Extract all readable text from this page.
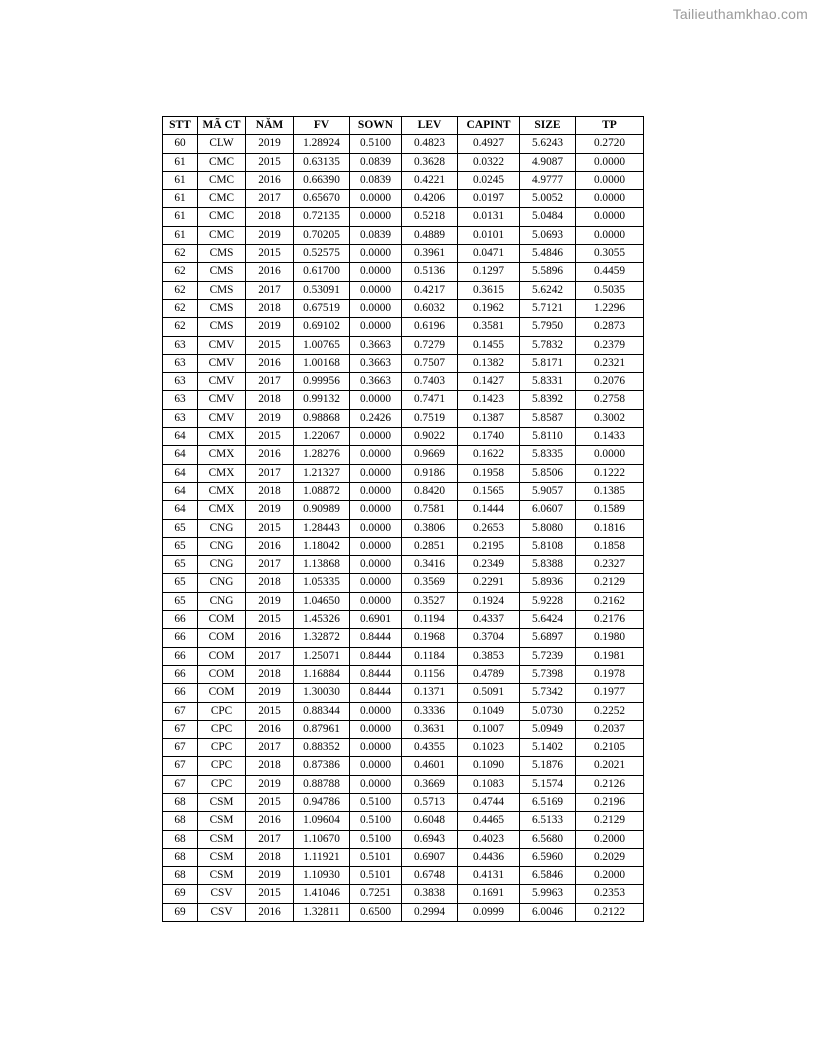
Tailieuthamkhao.com
STT	MÃ CT	NĂM	FV	SOWN	LEV	CAPINT	SIZE	TP
60	CLW	2019	1.28924	0.5100	0.4823	0.4927	5.6243	0.2720
61	CMC	2015	0.63135	0.0839	0.3628	0.0322	4.9087	0.0000
61	CMC	2016	0.66390	0.0839	0.4221	0.0245	4.9777	0.0000
61	CMC	2017	0.65670	0.0000	0.4206	0.0197	5.0052	0.0000
61	CMC	2018	0.72135	0.0000	0.5218	0.0131	5.0484	0.0000
61	CMC	2019	0.70205	0.0839	0.4889	0.0101	5.0693	0.0000
62	CMS	2015	0.52575	0.0000	0.3961	0.0471	5.4846	0.3055
62	CMS	2016	0.61700	0.0000	0.5136	0.1297	5.5896	0.4459
62	CMS	2017	0.53091	0.0000	0.4217	0.3615	5.6242	0.5035
62	CMS	2018	0.67519	0.0000	0.6032	0.1962	5.7121	1.2296
62	CMS	2019	0.69102	0.0000	0.6196	0.3581	5.7950	0.2873
63	CMV	2015	1.00765	0.3663	0.7279	0.1455	5.7832	0.2379
63	CMV	2016	1.00168	0.3663	0.7507	0.1382	5.8171	0.2321
63	CMV	2017	0.99956	0.3663	0.7403	0.1427	5.8331	0.2076
63	CMV	2018	0.99132	0.0000	0.7471	0.1423	5.8392	0.2758
63	CMV	2019	0.98868	0.2426	0.7519	0.1387	5.8587	0.3002
64	CMX	2015	1.22067	0.0000	0.9022	0.1740	5.8110	0.1433
64	CMX	2016	1.28276	0.0000	0.9669	0.1622	5.8335	0.0000
64	CMX	2017	1.21327	0.0000	0.9186	0.1958	5.8506	0.1222
64	CMX	2018	1.08872	0.0000	0.8420	0.1565	5.9057	0.1385
64	CMX	2019	0.90989	0.0000	0.7581	0.1444	6.0607	0.1589
65	CNG	2015	1.28443	0.0000	0.3806	0.2653	5.8080	0.1816
65	CNG	2016	1.18042	0.0000	0.2851	0.2195	5.8108	0.1858
65	CNG	2017	1.13868	0.0000	0.3416	0.2349	5.8388	0.2327
65	CNG	2018	1.05335	0.0000	0.3569	0.2291	5.8936	0.2129
65	CNG	2019	1.04650	0.0000	0.3527	0.1924	5.9228	0.2162
66	COM	2015	1.45326	0.6901	0.1194	0.4337	5.6424	0.2176
66	COM	2016	1.32872	0.8444	0.1968	0.3704	5.6897	0.1980
66	COM	2017	1.25071	0.8444	0.1184	0.3853	5.7239	0.1981
66	COM	2018	1.16884	0.8444	0.1156	0.4789	5.7398	0.1978
66	COM	2019	1.30030	0.8444	0.1371	0.5091	5.7342	0.1977
67	CPC	2015	0.88344	0.0000	0.3336	0.1049	5.0730	0.2252
67	CPC	2016	0.87961	0.0000	0.3631	0.1007	5.0949	0.2037
67	CPC	2017	0.88352	0.0000	0.4355	0.1023	5.1402	0.2105
67	CPC	2018	0.87386	0.0000	0.4601	0.1090	5.1876	0.2021
67	CPC	2019	0.88788	0.0000	0.3669	0.1083	5.1574	0.2126
68	CSM	2015	0.94786	0.5100	0.5713	0.4744	6.5169	0.2196
68	CSM	2016	1.09604	0.5100	0.6048	0.4465	6.5133	0.2129
68	CSM	2017	1.10670	0.5100	0.6943	0.4023	6.5680	0.2000
68	CSM	2018	1.11921	0.5101	0.6907	0.4436	6.5960	0.2029
68	CSM	2019	1.10930	0.5101	0.6748	0.4131	6.5846	0.2000
69	CSV	2015	1.41046	0.7251	0.3838	0.1691	5.9963	0.2353
69	CSV	2016	1.32811	0.6500	0.2994	0.0999	6.0046	0.2122
